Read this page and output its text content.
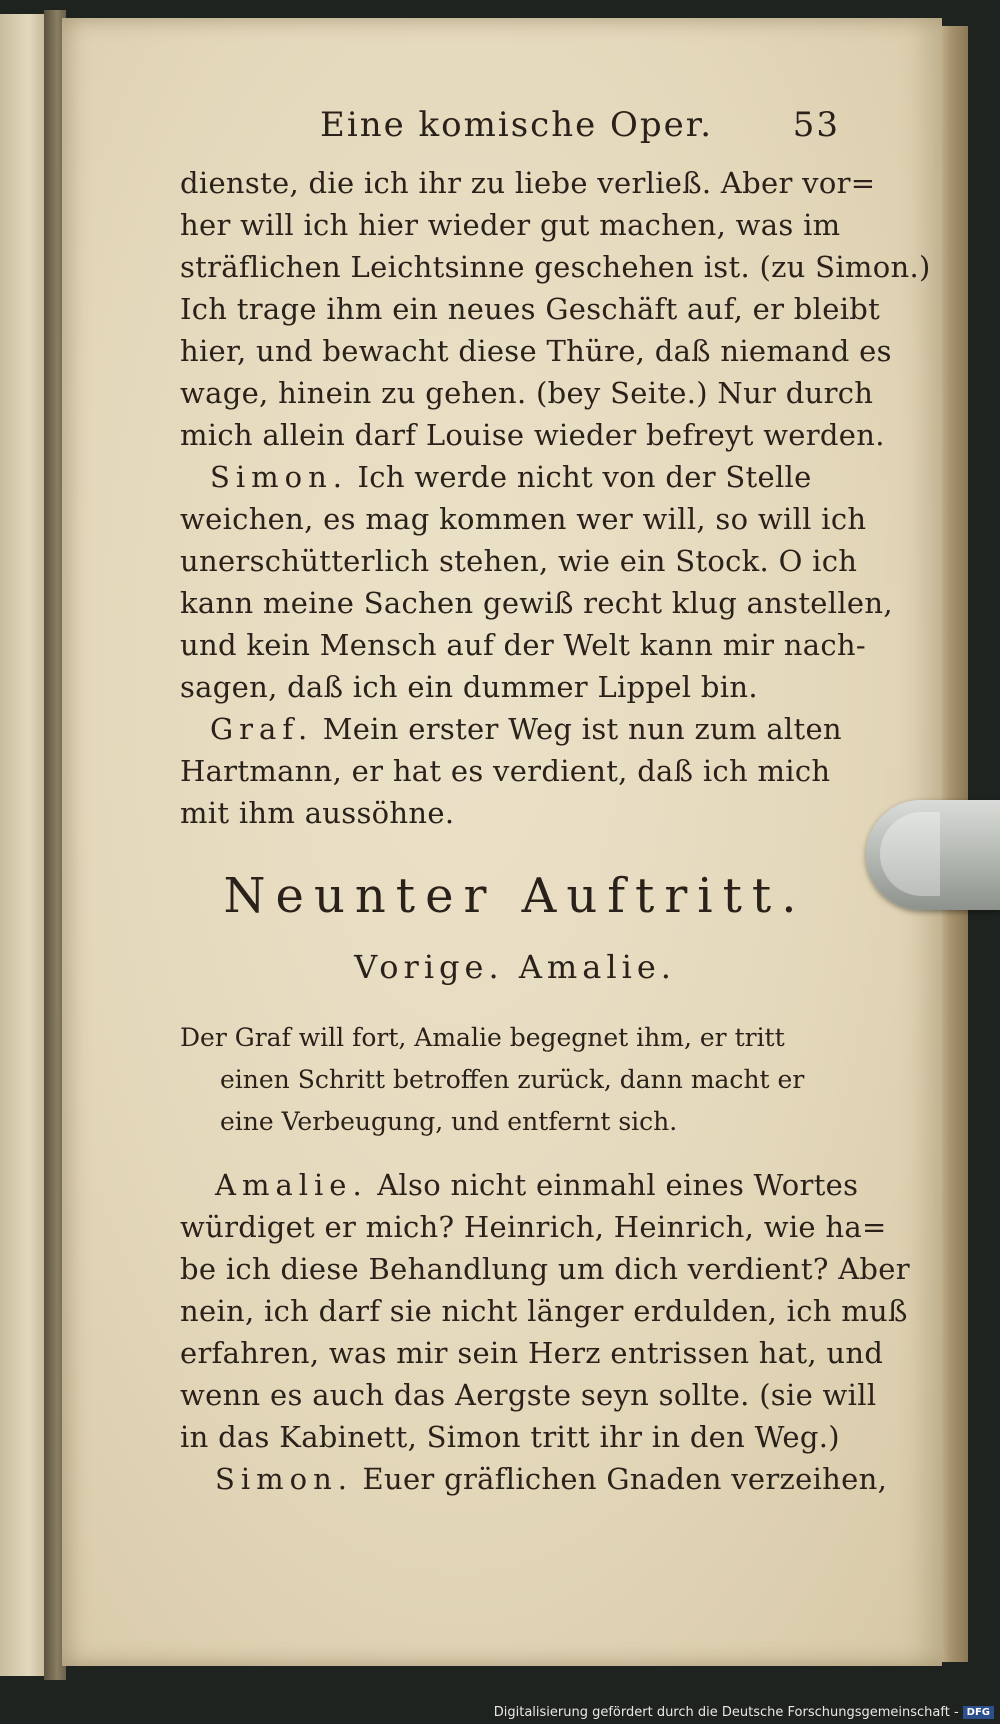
Eine komische Oper. 53
dienste, die ich ihr zu liebe verließ. Aber vor=
her will ich hier wieder gut machen, was im
sträflichen Leichtsinne geschehen ist. (zu Simon.)
Ich trage ihm ein neues Geschäft auf, er bleibt
hier, und bewacht diese Thüre, daß niemand es
wage, hinein zu gehen. (bey Seite.) Nur durch
mich allein darf Louise wieder befreyt werden.
Simon. Ich werde nicht von der Stelle
weichen, es mag kommen wer will, so will ich
unerschütterlich stehen, wie ein Stock. O ich
kann meine Sachen gewiß recht klug anstellen,
und kein Mensch auf der Welt kann mir nach-
sagen, daß ich ein dummer Lippel bin.
Graf. Mein erster Weg ist nun zum alten
Hartmann, er hat es verdient, daß ich mich
mit ihm aussöhne.
Neunter Auftritt.
Vorige. Amalie.
Der Graf will fort, Amalie begegnet ihm, er tritt
einen Schritt betroffen zurück, dann macht er
eine Verbeugung, und entfernt sich.
Amalie. Also nicht einmahl eines Wortes
würdiget er mich? Heinrich, Heinrich, wie ha=
be ich diese Behandlung um dich verdient? Aber
nein, ich darf sie nicht länger erdulden, ich muß
erfahren, was mir sein Herz entrissen hat, und
wenn es auch das Aergste seyn sollte. (sie will
in das Kabinett, Simon tritt ihr in den Weg.)
Simon. Euer gräflichen Gnaden verzeihen,
Digitalisierung gefördert durch die Deutsche Forschungsgemeinschaft - DFG
